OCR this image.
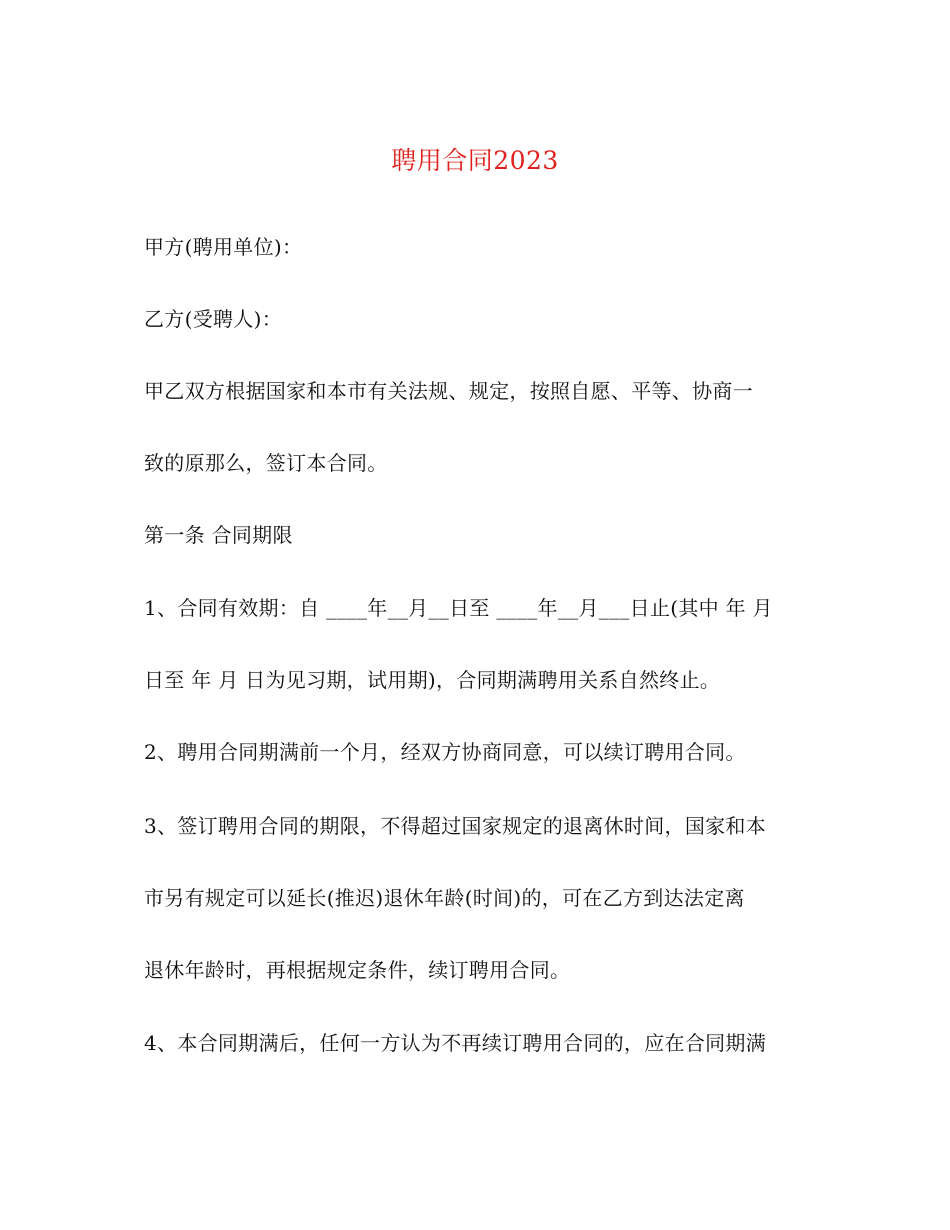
聘用合同2023
甲方(聘用单位)：
乙方(受聘人)：
甲乙双方根据国家和本市有关法规、规定，按照自愿、平等、协商一
致的原那么，签订本合同。
第一条 合同期限
1、合同有效期：自 ____年__月__日至 ____年__月___日止(其中 年 月
日至 年 月 日为见习期，试用期)，合同期满聘用关系自然终止。
2、聘用合同期满前一个月，经双方协商同意，可以续订聘用合同。
3、签订聘用合同的期限，不得超过国家规定的退离休时间，国家和本
市另有规定可以延长(推迟)退休年龄(时间)的，可在乙方到达法定离
退休年龄时，再根据规定条件，续订聘用合同。
4、本合同期满后，任何一方认为不再续订聘用合同的，应在合同期满
